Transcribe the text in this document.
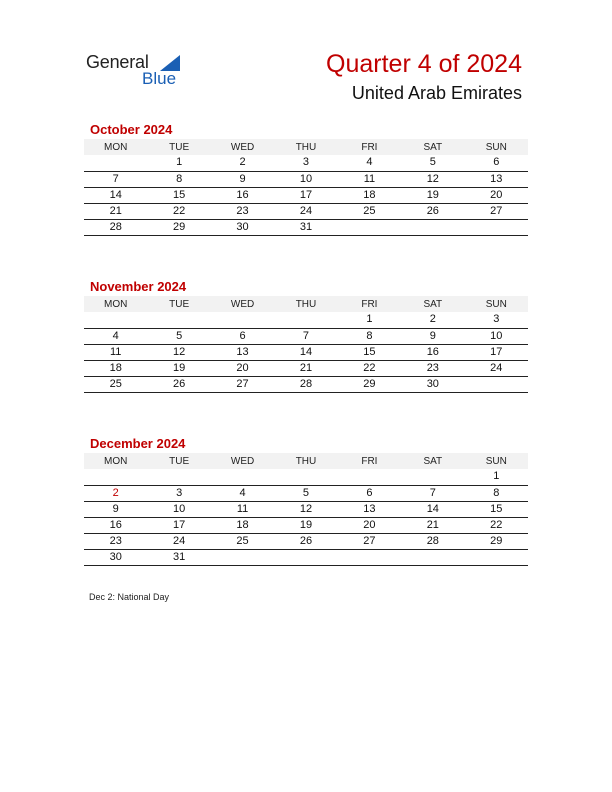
General
Blue
Quarter 4 of 2024
United Arab Emirates
October 2024
MON	TUE	WED	THU	FRI	SAT	SUN
	1	2	3	4	5	6
7	8	9	10	11	12	13
14	15	16	17	18	19	20
21	22	23	24	25	26	27
28	29	30	31			
November 2024
MON	TUE	WED	THU	FRI	SAT	SUN
				1	2	3
4	5	6	7	8	9	10
11	12	13	14	15	16	17
18	19	20	21	22	23	24
25	26	27	28	29	30	
December 2024
MON	TUE	WED	THU	FRI	SAT	SUN
						1
2	3	4	5	6	7	8
9	10	11	12	13	14	15
16	17	18	19	20	21	22
23	24	25	26	27	28	29
30	31					
Dec 2: National Day
